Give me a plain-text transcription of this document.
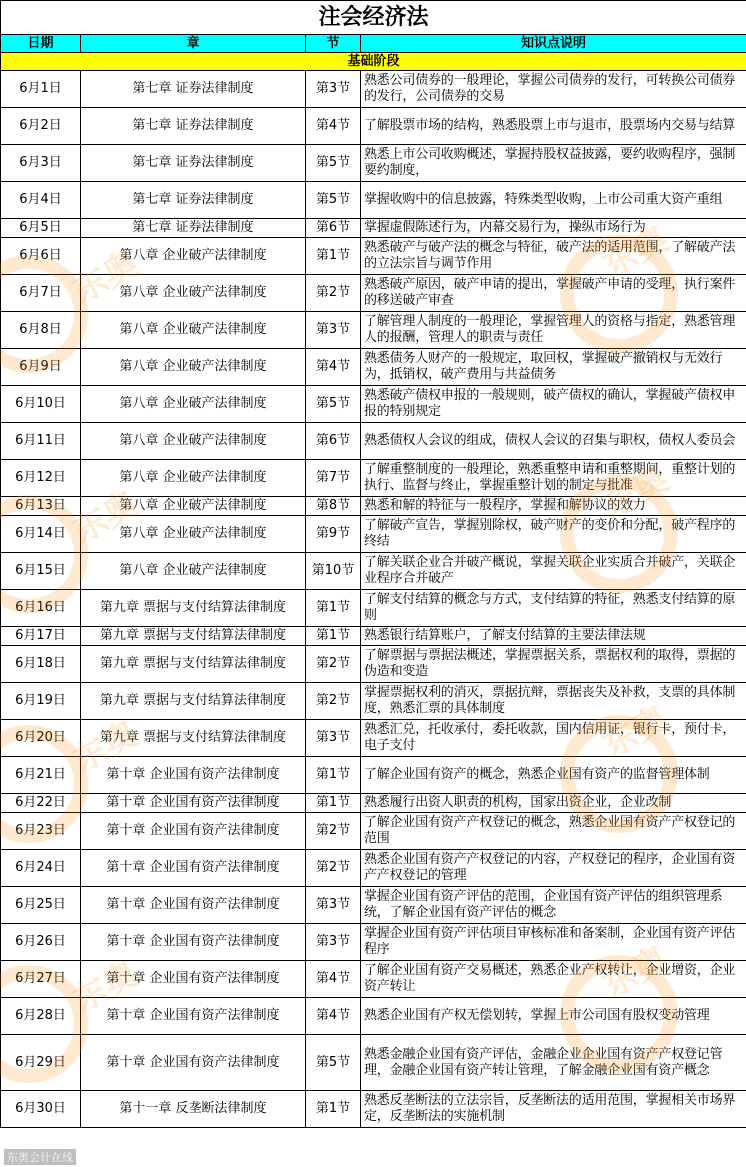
注会经济法			
日期	章	节	知识点说明
基础阶段			
6月1日	第七章 证券法律制度	第3节	熟悉公司债券的一般理论，掌握公司债券的发行，可转换公司债券的发行，公司债券的交易
6月2日	第七章 证券法律制度	第4节	了解股票市场的结构，熟悉股票上市与退市，股票场内交易与结算
6月3日	第七章 证券法律制度	第5节	熟悉上市公司收购概述，掌握持股权益披露，要约收购程序，强制要约制度，
6月4日	第七章 证券法律制度	第5节	掌握收购中的信息披露，特殊类型收购，上市公司重大资产重组
6月5日	第七章 证券法律制度	第6节	掌握虚假陈述行为，内幕交易行为，操纵市场行为
6月6日	第八章 企业破产法律制度	第1节	熟悉破产与破产法的概念与特征，破产法的适用范围，了解破产法的立法宗旨与调节作用
6月7日	第八章 企业破产法律制度	第2节	熟悉破产原因，破产申请的提出，掌握破产申请的受理，执行案件的移送破产审查
6月8日	第八章 企业破产法律制度	第3节	了解管理人制度的一般理论，掌握管理人的资格与指定，熟悉管理人的报酬，管理人的职责与责任
6月9日	第八章 企业破产法律制度	第4节	熟悉债务人财产的一般规定，取回权，掌握破产撤销权与无效行为，抵销权，破产费用与共益债务
6月10日	第八章 企业破产法律制度	第5节	熟悉破产债权申报的一般规则，破产债权的确认，掌握破产债权申报的特别规定
6月11日	第八章 企业破产法律制度	第6节	熟悉债权人会议的组成，债权人会议的召集与职权，债权人委员会
6月12日	第八章 企业破产法律制度	第7节	了解重整制度的一般理论，熟悉重整申请和重整期间，重整计划的执行、监督与终止，掌握重整计划的制定与批准
6月13日	第八章 企业破产法律制度	第8节	熟悉和解的特征与一般程序，掌握和解协议的效力
6月14日	第八章 企业破产法律制度	第9节	了解破产宣告，掌握别除权，破产财产的变价和分配，破产程序的终结
6月15日	第八章 企业破产法律制度	第10节	了解关联企业合并破产概说，掌握关联企业实质合并破产，关联企业程序合并破产
6月16日	第九章 票据与支付结算法律制度	第1节	了解支付结算的概念与方式，支付结算的特征，熟悉支付结算的原则
6月17日	第九章 票据与支付结算法律制度	第1节	熟悉银行结算账户，了解支付结算的主要法律法规
6月18日	第九章 票据与支付结算法律制度	第2节	了解票据与票据法概述，掌握票据关系，票据权利的取得，票据的伪造和变造
6月19日	第九章 票据与支付结算法律制度	第2节	掌握票据权利的消灭，票据抗辩，票据丧失及补救，支票的具体制度，熟悉汇票的具体制度
6月20日	第九章 票据与支付结算法律制度	第3节	熟悉汇兑，托收承付，委托收款，国内信用证，银行卡，预付卡，电子支付
6月21日	第十章 企业国有资产法律制度	第1节	了解企业国有资产的概念，熟悉企业国有资产的监督管理体制
6月22日	第十章 企业国有资产法律制度	第1节	熟悉履行出资人职责的机构，国家出资企业，企业改制
6月23日	第十章 企业国有资产法律制度	第2节	了解企业国有资产产权登记的概念，熟悉企业国有资产产权登记的范围
6月24日	第十章 企业国有资产法律制度	第2节	熟悉企业国有资产产权登记的内容，产权登记的程序，企业国有资产产权登记的管理
6月25日	第十章 企业国有资产法律制度	第3节	掌握企业国有资产评估的范围，企业国有资产评估的组织管理系统，了解企业国有资产评估的概念
6月26日	第十章 企业国有资产法律制度	第3节	掌握企业国有资产评估项目审核标准和备案制，企业国有资产评估程序
6月27日	第十章 企业国有资产法律制度	第4节	了解企业国有资产交易概述，熟悉企业产权转让，企业增资，企业资产转让
6月28日	第十章 企业国有资产法律制度	第4节	熟悉企业国有产权无偿划转，掌握上市公司国有股权变动管理
6月29日	第十章 企业国有资产法律制度	第5节	熟悉金融企业国有资产评估，金融企业企业国有资产产权登记管理，金融企业国有资产转让管理，了解金融企业国有资产概念
6月30日	第十一章 反垄断法律制度	第1节	熟悉反垄断法的立法宗旨，反垄断法的适用范围，掌握相关市场界定，反垄断法的实施机制
东奥
东奥
东奥
东奥
东奥
东奥
东奥
东奥
东奥会计在线
